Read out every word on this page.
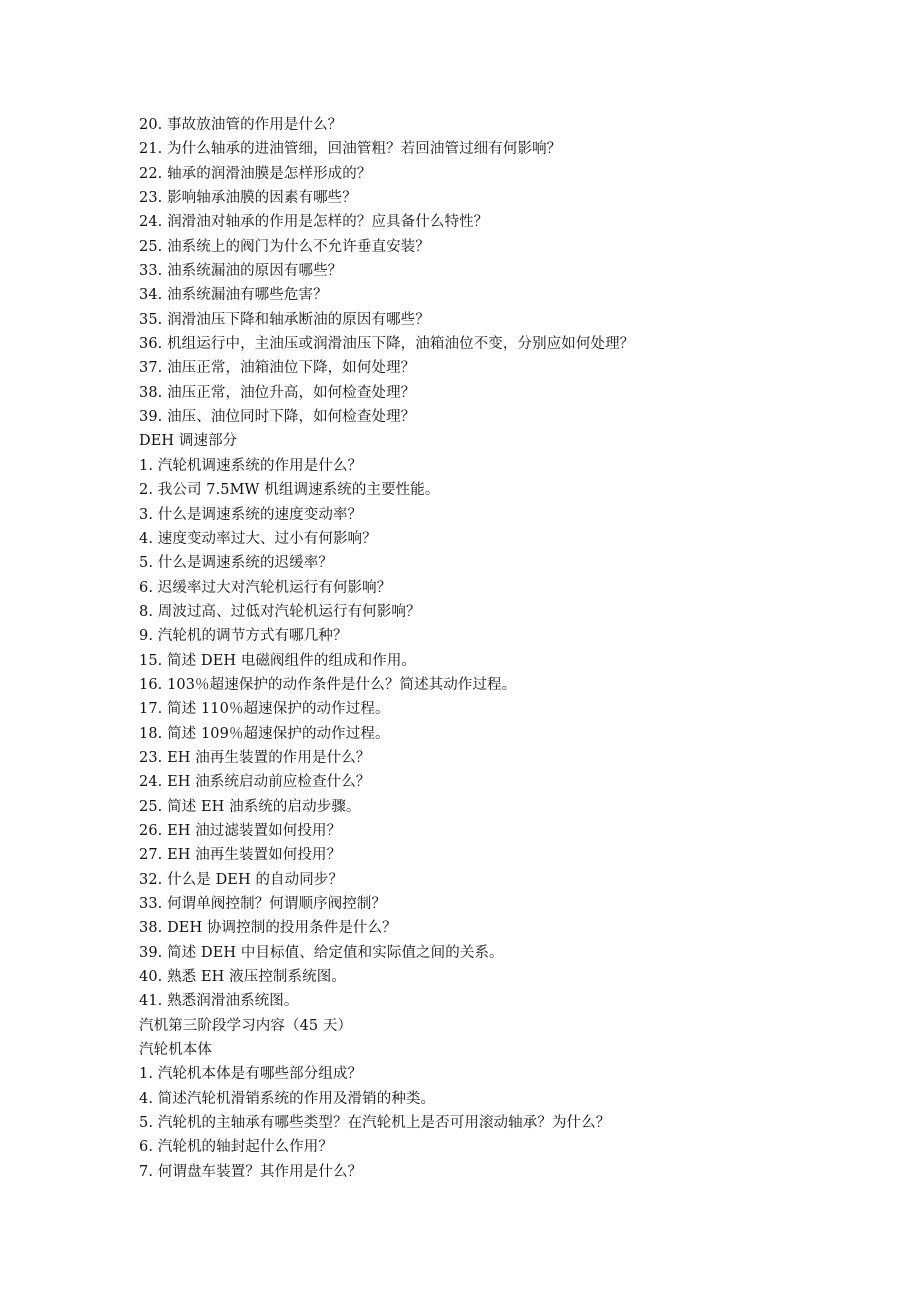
20. 事故放油管的作用是什么？
21. 为什么轴承的进油管细，回油管粗？若回油管过细有何影响？
22. 轴承的润滑油膜是怎样形成的？
23. 影响轴承油膜的因素有哪些？
24. 润滑油对轴承的作用是怎样的？应具备什么特性？
25. 油系统上的阀门为什么不允许垂直安装？
33. 油系统漏油的原因有哪些？
34. 油系统漏油有哪些危害？
35. 润滑油压下降和轴承断油的原因有哪些？
36. 机组运行中，主油压或润滑油压下降，油箱油位不变，分别应如何处理？
37. 油压正常，油箱油位下降，如何处理？
38. 油压正常，油位升高，如何检查处理？
39. 油压、油位同时下降，如何检查处理？
DEH 调速部分
1. 汽轮机调速系统的作用是什么？
2. 我公司 7.5MW 机组调速系统的主要性能。
3. 什么是调速系统的速度变动率？
4. 速度变动率过大、过小有何影响？
5. 什么是调速系统的迟缓率？
6. 迟缓率过大对汽轮机运行有何影响？
8. 周波过高、过低对汽轮机运行有何影响？
9. 汽轮机的调节方式有哪几种？
15. 简述 DEH 电磁阀组件的组成和作用。
16. 103％超速保护的动作条件是什么？简述其动作过程。
17. 简述 110％超速保护的动作过程。
18. 简述 109％超速保护的动作过程。
23. EH 油再生装置的作用是什么？
24. EH 油系统启动前应检查什么？
25. 简述 EH 油系统的启动步骤。
26. EH 油过滤装置如何投用？
27. EH 油再生装置如何投用？
32. 什么是 DEH 的自动同步？
33. 何谓单阀控制？何谓顺序阀控制？
38. DEH 协调控制的投用条件是什么？
39. 简述 DEH 中目标值、给定值和实际值之间的关系。
40. 熟悉 EH 液压控制系统图。
41. 熟悉润滑油系统图。
汽机第三阶段学习内容（45 天）
汽轮机本体
1. 汽轮机本体是有哪些部分组成？
4. 简述汽轮机滑销系统的作用及滑销的种类。
5. 汽轮机的主轴承有哪些类型？在汽轮机上是否可用滚动轴承？为什么？
6. 汽轮机的轴封起什么作用？
7. 何谓盘车装置？其作用是什么？
